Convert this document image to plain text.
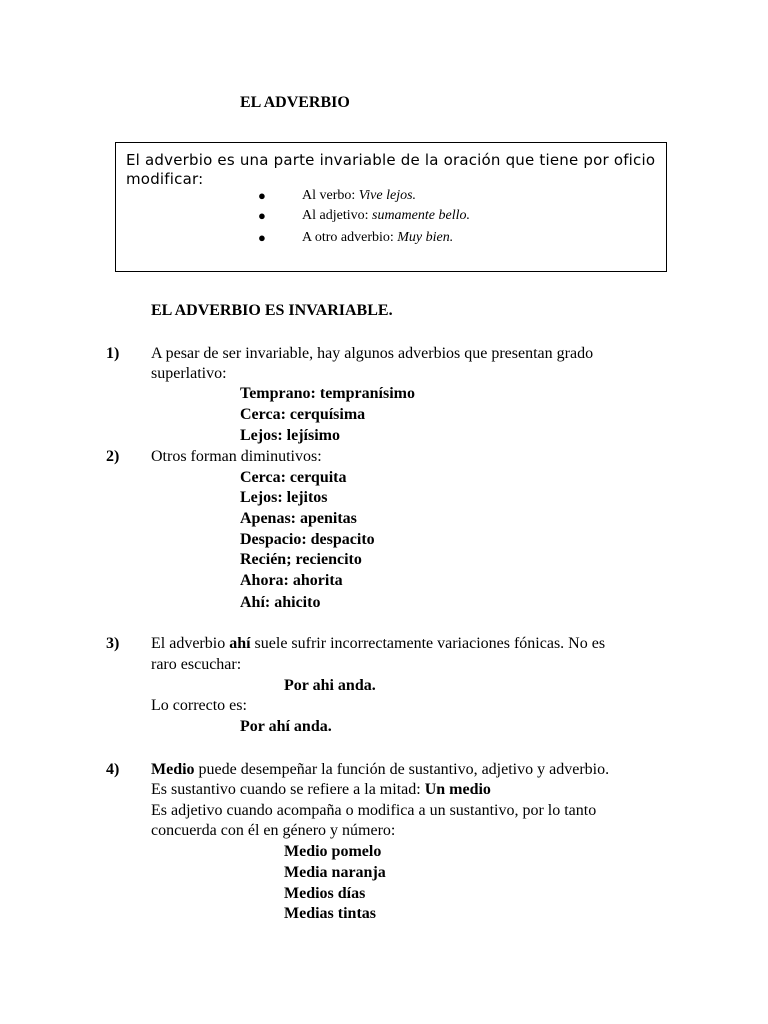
EL ADVERBIO
El adverbio es una parte invariable de la oración que tiene por oficio modificar:
●	Al verbo: Vive lejos.
●	Al adjetivo: sumamente bello.
●	A otro adverbio: Muy bien.
EL ADVERBIO ES INVARIABLE.
1) A pesar de ser invariable, hay algunos adverbios que presentan grado
superlativo:
Temprano: tempranísimo
Cerca: cerquísima
Lejos: lejísimo
2) Otros forman diminutivos:
Cerca: cerquita
Lejos: lejitos
Apenas: apenitas
Despacio: despacito
Recién; reciencito
Ahora: ahorita
Ahí: ahicito
3) El adverbio ahí suele sufrir incorrectamente variaciones fónicas. No es
raro escuchar:
Por ahi anda.
Lo correcto es:
Por ahí anda.
4) Medio puede desempeñar la función de sustantivo, adjetivo y adverbio.
Es sustantivo cuando se refiere a la mitad: Un medio
Es adjetivo cuando acompaña o modifica a un sustantivo, por lo tanto
concuerda con él en género y número:
Medio pomelo
Media naranja
Medios días
Medias tintas
